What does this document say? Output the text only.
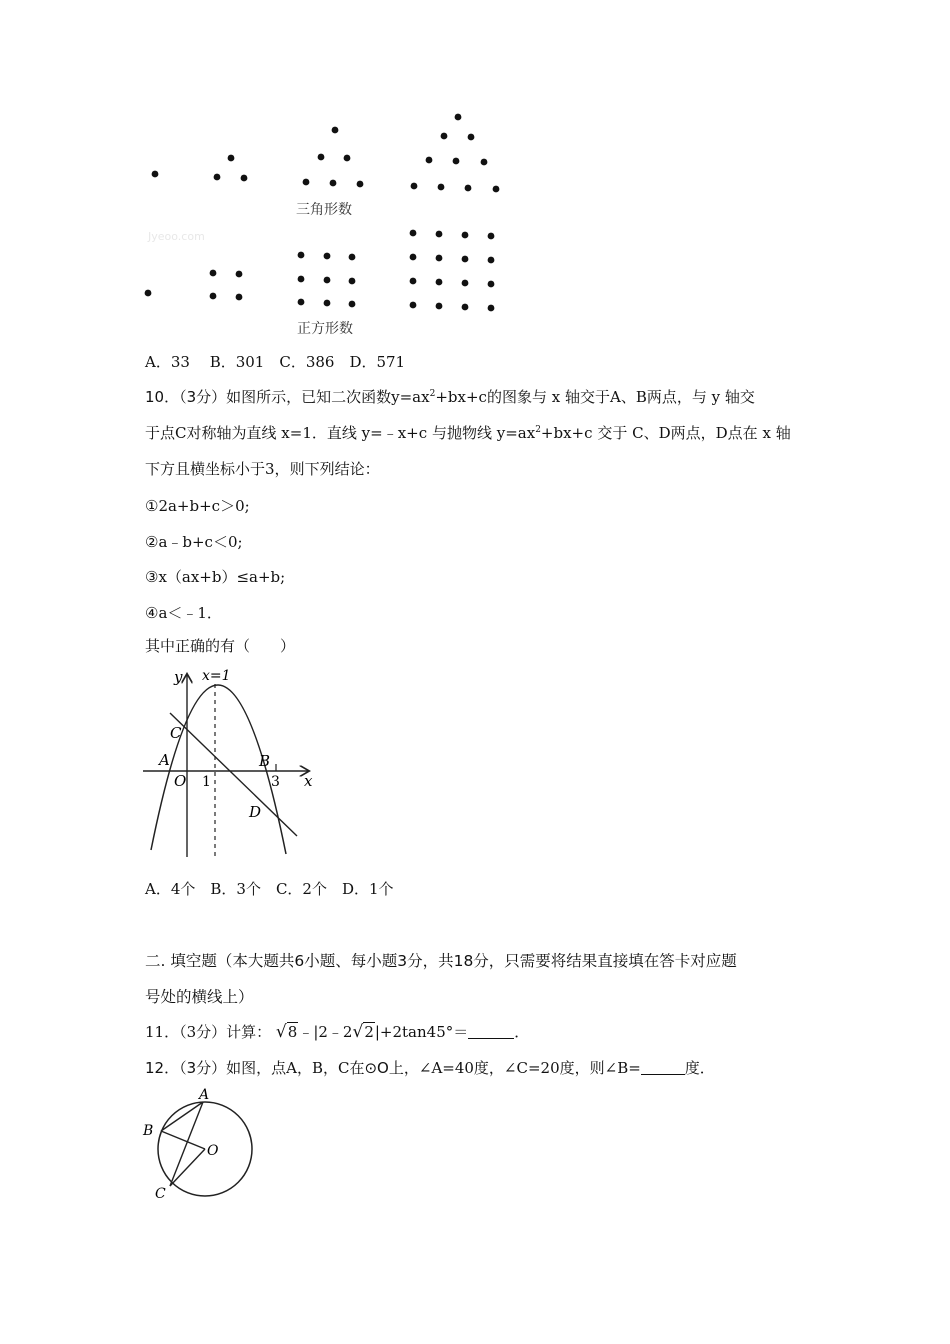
Jyeoo.com
三角形数
正方形数
A．33　 B．301　C．386　D．571
10．（3分）如图所示，已知二次函数$y=ax^2+bx+c$的图象与 x 轴交于A、B两点，与 y 轴交
于点C对称轴为直线 x=1．直线 y=﹣x+c 与抛物线 $y=ax^2+bx+c$ 交于 C、D两点，D点在 x 轴
下方且横坐标小于3，则下列结论：
①2a+b+c＞0;
②a﹣b+c＜0;
③x（ax+b）≤a+b;
④a＜﹣1．
其中正确的有（　　）
y x=1
C
A
O 1
B
3 x
D
A．4个　B．3个　C．2个　D．1个
二. 填空题（本大题共6小题、每小题3分，共18分，只需要将结果直接填在答卡对应题
号处的横线上）
11．（3分）计算： √8﹣|2﹣2√2|+2tan45°＝	．
12．（3分）如图，点A，B，C在⊙O上，∠A=40度，∠C=20度，则∠B=	度．
A
B
O
C
